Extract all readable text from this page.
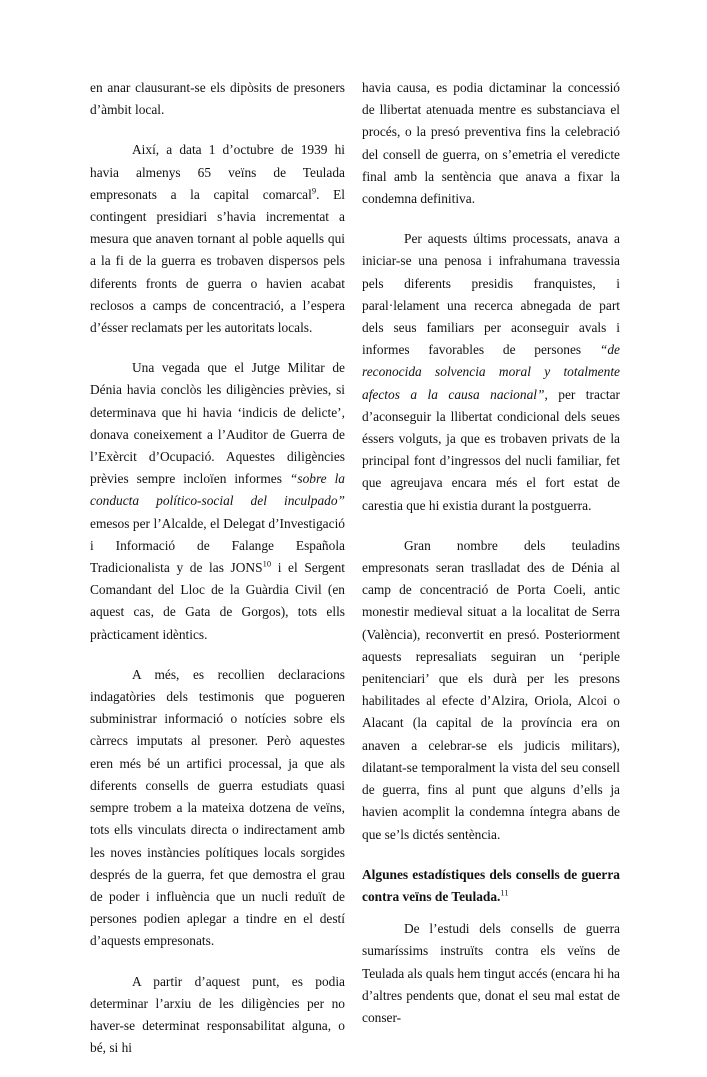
en anar clausurant-se els dipòsits de presoners d’àmbit local.

Així, a data 1 d’octubre de 1939 hi havia almenys 65 veïns de Teulada empresonats a la capital comarcal$^9$. El contingent presidiari s’havia incrementat a mesura que anaven tornant al poble aquells qui a la fi de la guerra es trobaven dispersos pels diferents fronts de guerra o havien acabat reclosos a camps de concentració, a l’espera d’ésser reclamats per les autoritats locals.

Una vegada que el Jutge Militar de Dénia havia conclòs les diligències prèvies, si determinava que hi havia ‘indicis de delicte’, donava coneixement a l’Auditor de Guerra de l’Exèrcit d’Ocupació. Aquestes diligències prèvies sempre incloïen informes “sobre la conducta político-social del inculpado” emesos per l’Alcalde, el Delegat d’Investigació i Informació de Falange Española Tradicionalista y de las JONS$^{10}$ i el Sergent Comandant del Lloc de la Guàrdia Civil (en aquest cas, de Gata de Gorgos), tots ells pràcticament idèntics.

A més, es recollien declaracions indagatòries dels testimonis que pogueren subministrar informació o notícies sobre els càrrecs imputats al presoner. Però aquestes eren més bé un artifici processal, ja que als diferents consells de guerra estudiats quasi sempre trobem a la mateixa dotzena de veïns, tots ells vinculats directa o indirectament amb les noves instàncies polítiques locals sorgides després de la guerra, fet que demostra el grau de poder i influència que un nucli reduït de persones podien aplegar a tindre en el destí d’aquests empresonats.

A partir d’aquest punt, es podia determinar l’arxiu de les diligències per no haver-se determinat responsabilitat alguna, o bé, si hi

havia causa, es podia dictaminar la concessió de llibertat atenuada mentre es substanciava el procés, o la presó preventiva fins la celebració del consell de guerra, on s’emetria el veredicte final amb la sentència que anava a fixar la condemna definitiva.

Per aquests últims processats, anava a iniciar-se una penosa i infrahumana travessia pels diferents presidis franquistes, i paral·lelament una recerca abnegada de part dels seus familiars per aconseguir avals i informes favorables de persones “de reconocida solvencia moral y totalmente afectos a la causa nacional”, per tractar d’aconseguir la llibertat condicional dels seues éssers volguts, ja que es trobaven privats de la principal font d’ingressos del nucli familiar, fet que agreujava encara més el fort estat de carestia que hi existia durant la postguerra.

Gran nombre dels teuladins empresonats seran traslladat des de Dénia al camp de concentració de Porta Coeli, antic monestir medieval situat a la localitat de Serra (València), reconvertit en presó. Posteriorment aquests represaliats seguiran un ‘periple penitenciari’ que els durà per les presons habilitades al efecte d’Alzira, Oriola, Alcoi o Alacant (la capital de la província era on anaven a celebrar-se els judicis militars), dilatant-se temporalment la vista del seu consell de guerra, fins al punt que alguns d’ells ja havien acomplit la condemna íntegra abans de que se’ls dictés sentència.

Algunes estadístiques dels consells de guerra contra veïns de Teulada.$^{11}$

De l’estudi dels consells de guerra sumaríssims instruïts contra els veïns de Teulada als quals hem tingut accés (encara hi ha d’altres pendents que, donat el seu mal estat de conser-
